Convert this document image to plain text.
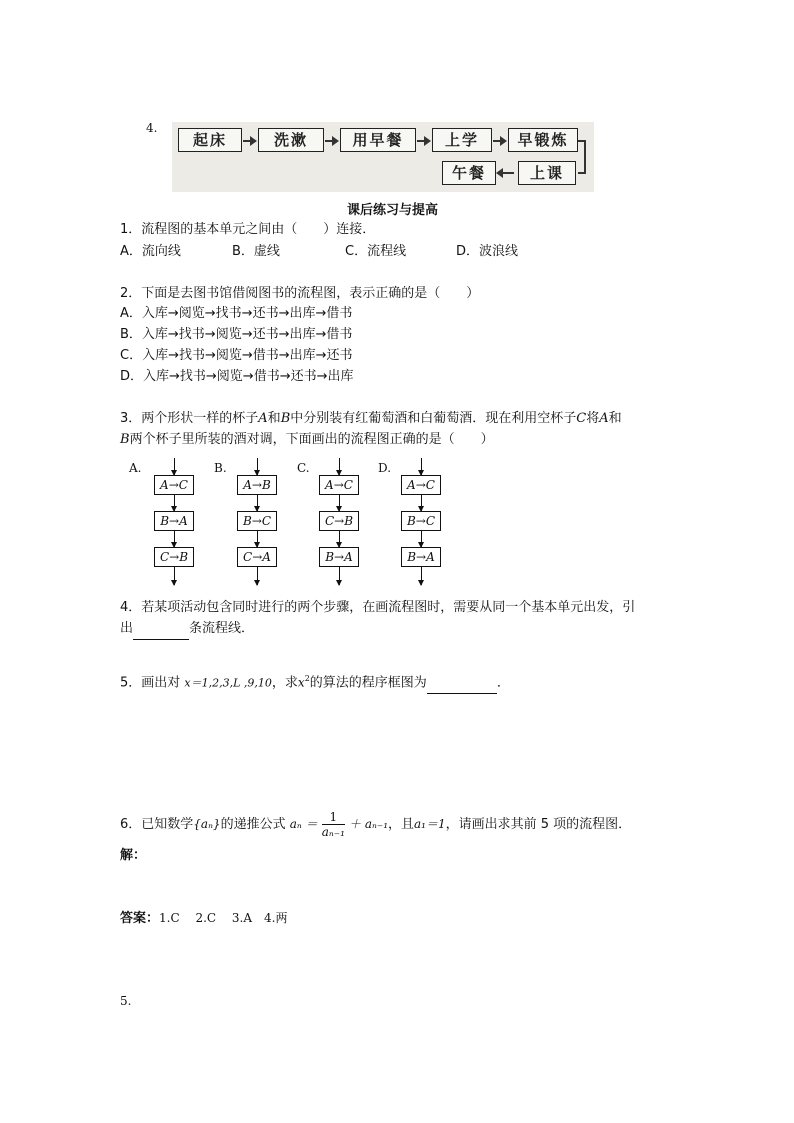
4.
起床	洗漱	用早餐	上学	早锻炼
上课
午餐
课后练习与提高
1．流程图的基本单元之间由（　　）连接．
A．流向线	B．虚线	C．流程线	D．波浪线
2．下面是去图书馆借阅图书的流程图，表示正确的是（　　）
A．入库→阅览→找书→还书→出库→借书
B．入库→找书→阅览→还书→出库→借书
C．入库→找书→阅览→借书→出库→还书
D．入库→找书→阅览→借书→还书→出库
3．两个形状一样的杯子A和B中分别装有红葡萄酒和白葡萄酒．现在利用空杯子C将A和
B两个杯子里所装的酒对调，下面画出的流程图正确的是（　　）
A.
A→C
B→A
C→B
B.
A→B
B→C
C→A
C.
A→C
C→B
B→A
D.
A→C
B→C
B→A
4．若某项活动包含同时进行的两个步骤，在画流程图时，需要从同一个基本单元出发，引
出	条流程线．
5．画出对 x＝1,2,3,L ,9,10，求$x^2$的算法的程序框图为	．
6．已知数学{aₙ}的递推公式 $a_n = \frac{1}{\text{aₙ₋₁}} + a_{n-1}$，且a₁＝1，请画出求其前 5 项的流程图．
解：
答案：1.C　 2.C　 3.A　4.两
5.
